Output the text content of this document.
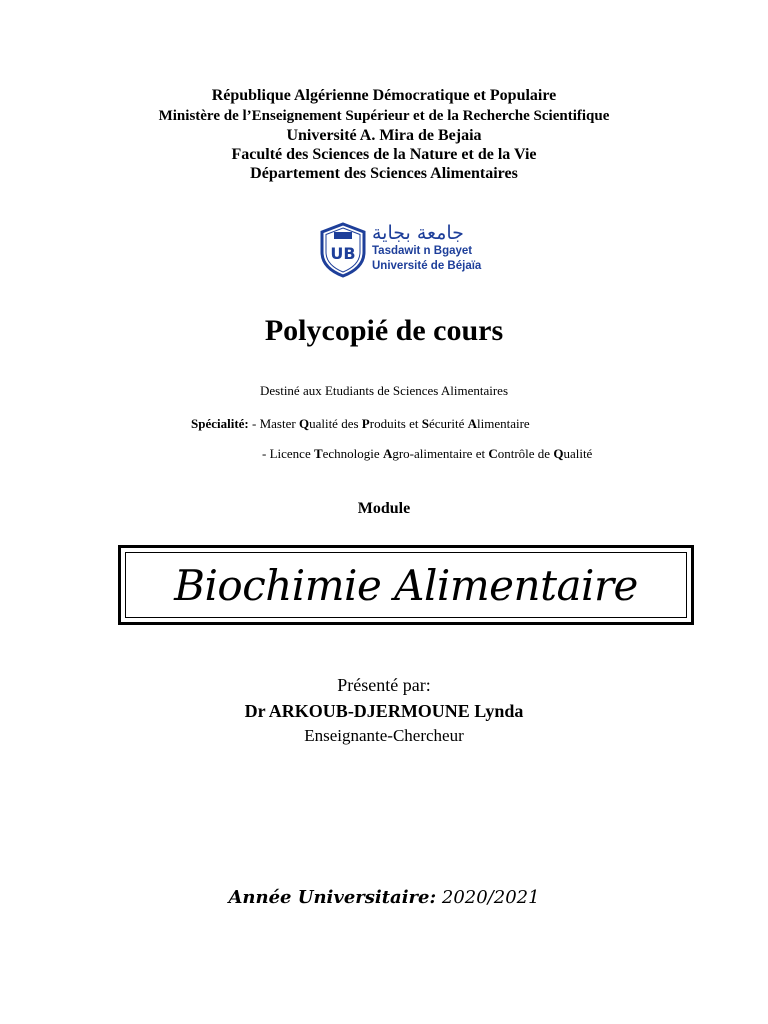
République Algérienne Démocratique et Populaire
Ministère de l’Enseignement Supérieur et de la Recherche Scientifique
Université A. Mira de Bejaia
Faculté des Sciences de la Nature et de la Vie
Département des Sciences Alimentaires
UB
جامعة بجاية
Tasdawit n Bgayet
Université de Béjaïa
Polycopié de cours
Destiné aux Etudiants de Sciences Alimentaires
Spécialité: - Master Qualité des Produits et Sécurité Alimentaire
- Licence Technologie Agro-alimentaire et Contrôle de Qualité
Module
Biochimie Alimentaire
Présenté par:
Dr ARKOUB-DJERMOUNE Lynda
Enseignante-Chercheur
Année Universitaire: 2020/2021
